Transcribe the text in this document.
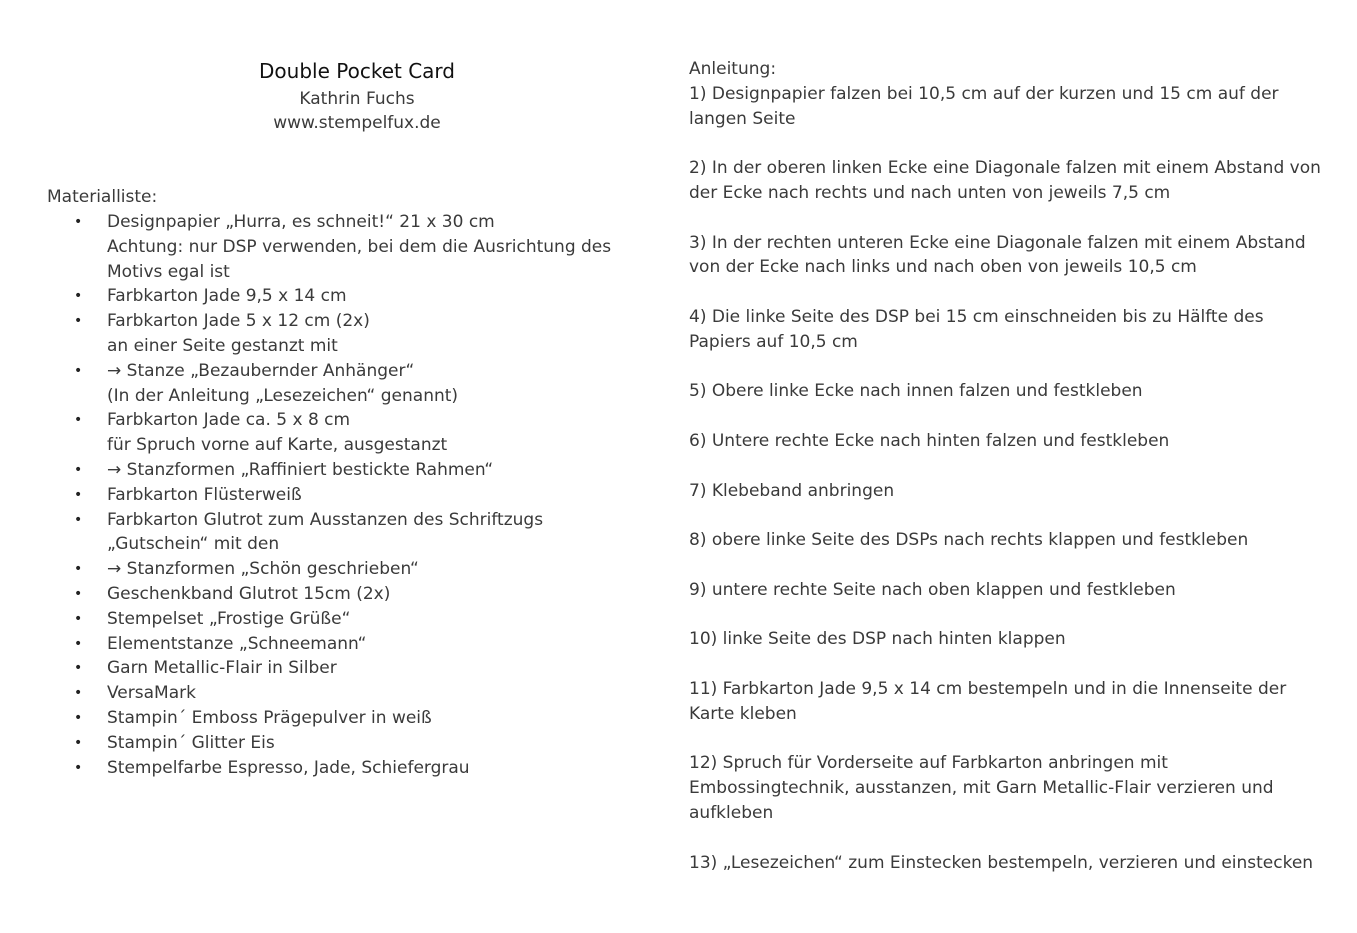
Double Pocket Card
Kathrin Fuchs
www.stempelfux.de
Materialliste:
• Designpapier „Hurra, es schneit!“ 21 x 30 cm
Achtung: nur DSP verwenden, bei dem die Ausrichtung des
Motivs egal ist
• Farbkarton Jade 9,5 x 14 cm
• Farbkarton Jade 5 x 12 cm (2x)
an einer Seite gestanzt mit
• → Stanze „Bezaubernder Anhänger“
(In der Anleitung „Lesezeichen“ genannt)
• Farbkarton Jade ca. 5 x 8 cm
für Spruch vorne auf Karte, ausgestanzt
• → Stanzformen „Raffiniert bestickte Rahmen“
• Farbkarton Flüsterweiß
• Farbkarton Glutrot zum Ausstanzen des Schriftzugs
„Gutschein“ mit den
• → Stanzformen „Schön geschrieben“
• Geschenkband Glutrot 15cm (2x)
• Stempelset „Frostige Grüße“
• Elementstanze „Schneemann“
• Garn Metallic-Flair in Silber
• VersaMark
• Stampin´ Emboss Prägepulver in weiß
• Stampin´ Glitter Eis
• Stempelfarbe Espresso, Jade, Schiefergrau
Anleitung:
1) Designpapier falzen bei 10,5 cm auf der kurzen und 15 cm auf der
langen Seite
2) In der oberen linken Ecke eine Diagonale falzen mit einem Abstand von
der Ecke nach rechts und nach unten von jeweils 7,5 cm
3) In der rechten unteren Ecke eine Diagonale falzen mit einem Abstand
von der Ecke nach links und nach oben von jeweils 10,5 cm
4) Die linke Seite des DSP bei 15 cm einschneiden bis zu Hälfte des
Papiers auf 10,5 cm
5) Obere linke Ecke nach innen falzen und festkleben
6) Untere rechte Ecke nach hinten falzen und festkleben
7) Klebeband anbringen
8) obere linke Seite des DSPs nach rechts klappen und festkleben
9) untere rechte Seite nach oben klappen und festkleben
10) linke Seite des DSP nach hinten klappen
11) Farbkarton Jade 9,5 x 14 cm bestempeln und in die Innenseite der
Karte kleben
12) Spruch für Vorderseite auf Farbkarton anbringen mit
Embossingtechnik, ausstanzen, mit Garn Metallic-Flair verzieren und
aufkleben
13) „Lesezeichen“ zum Einstecken bestempeln, verzieren und einstecken
